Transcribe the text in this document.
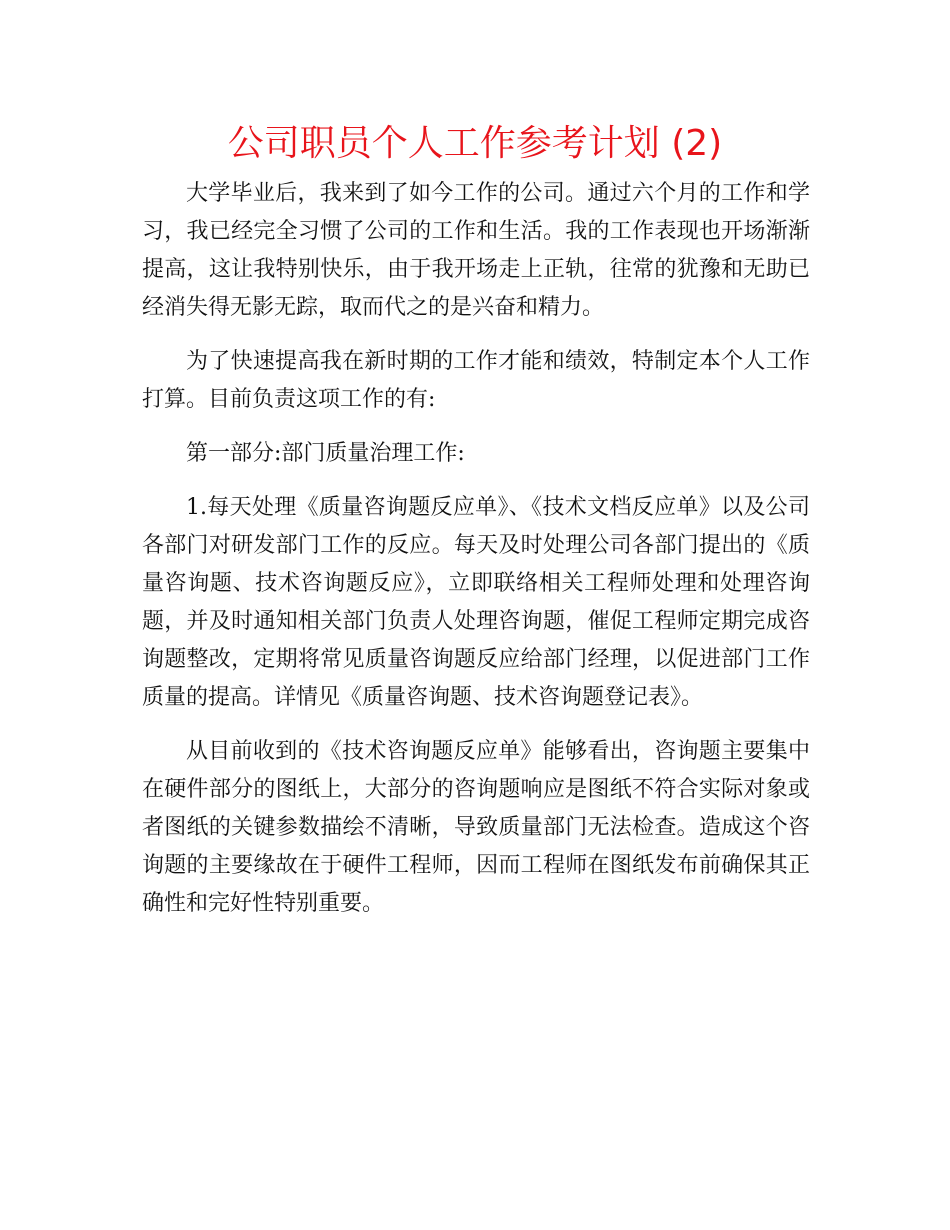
公司职员个人工作参考计划 (2)

大学毕业后，我来到了如今工作的公司。通过六个月的工作和学习，我已经完全习惯了公司的工作和生活。我的工作表现也开场渐渐提高，这让我特别快乐，由于我开场走上正轨，往常的犹豫和无助已经消失得无影无踪，取而代之的是兴奋和精力。

为了快速提高我在新时期的工作才能和绩效，特制定本个人工作打算。目前负责这项工作的有:

第一部分:部门质量治理工作:

1.每天处理《质量咨询题反应单》、《技术文档反应单》以及公司各部门对研发部门工作的反应。每天及时处理公司各部门提出的《质量咨询题、技术咨询题反应》，立即联络相关工程师处理和处理咨询题，并及时通知相关部门负责人处理咨询题，催促工程师定期完成咨询题整改，定期将常见质量咨询题反应给部门经理，以促进部门工作质量的提高。详情见《质量咨询题、技术咨询题登记表》。

从目前收到的《技术咨询题反应单》能够看出，咨询题主要集中在硬件部分的图纸上，大部分的咨询题响应是图纸不符合实际对象或者图纸的关键参数描绘不清晰，导致质量部门无法检查。造成这个咨询题的主要缘故在于硬件工程师，因而工程师在图纸发布前确保其正确性和完好性特别重要。
